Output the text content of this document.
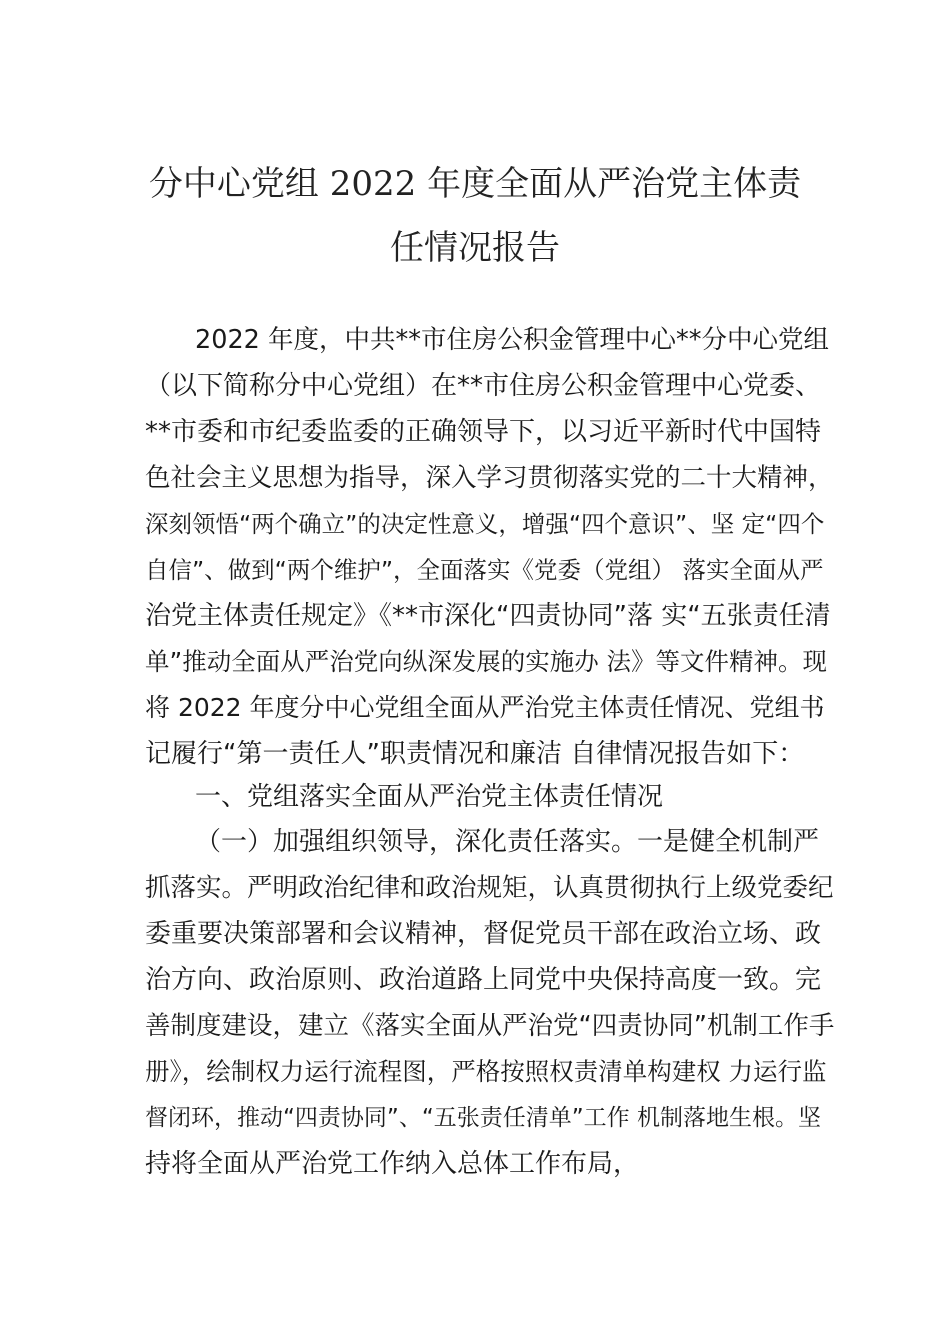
分中心党组 2022 年度全面从严治党主体责
任情况报告
2022 年度，中共**市住房公积金管理中心**分中心党组
（以下简称分中心党组）在**市住房公积金管理中心党委、
**市委和市纪委监委的正确领导下，以习近平新时代中国特
色社会主义思想为指导，深入学习贯彻落实党的二十大精神，
深刻领悟“两个确立”的决定性意义，增强“四个意识”、坚 定“四个
自信”、做到“两个维护”，全面落实《党委（党组） 落实全面从严
治党主体责任规定》《**市深化“四责协同”落 实“五张责任清
单”推动全面从严治党向纵深发展的实施办 法》等文件精神。现
将 2022 年度分中心党组全面从严治党主体责任情况、党组书
记履行“第一责任人”职责情况和廉洁 自律情况报告如下：
一、党组落实全面从严治党主体责任情况
（一）加强组织领导，深化责任落实。一是健全机制严
抓落实。严明政治纪律和政治规矩，认真贯彻执行上级党委纪
委重要决策部署和会议精神，督促党员干部在政治立场、政
治方向、政治原则、政治道路上同党中央保持高度一致。完
善制度建设，建立《落实全面从严治党“四责协同”机制工作手
册》，绘制权力运行流程图，严格按照权责清单构建权 力运行监
督闭环，推动“四责协同”、“五张责任清单”工作 机制落地生根。坚
持将全面从严治党工作纳入总体工作布局，
